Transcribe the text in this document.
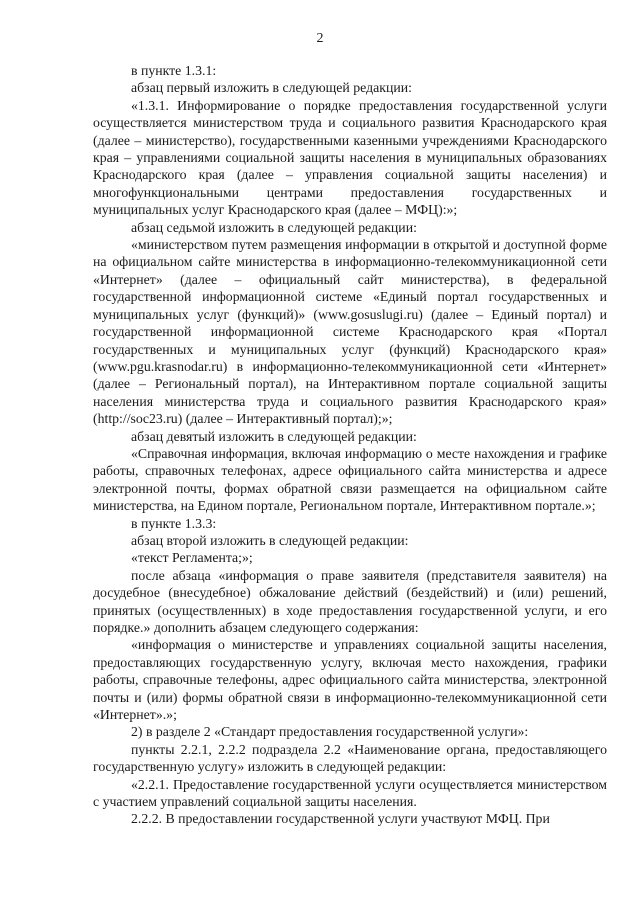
2

в пункте 1.3.1:

абзац первый изложить в следующей редакции:

«1.3.1. Информирование о порядке предоставления государственной услуги осуществляется министерством труда и социального развития Краснодарского края (далее – министерство), государственными казенными учреждениями Краснодарского края – управлениями социальной защиты населения в муниципальных образованиях Краснодарского края (далее – управления социальной защиты населения) и многофункциональными центрами предоставления государственных и муниципальных услуг Краснодарского края (далее – МФЦ):»;

абзац седьмой изложить в следующей редакции:

«министерством путем размещения информации в открытой и доступной форме на официальном сайте министерства в информационно-телекоммуникационной сети «Интернет» (далее – официальный сайт министерства), в федеральной государственной информационной системе «Единый портал государственных и муниципальных услуг (функций)» (www.gosuslugi.ru) (далее – Единый портал) и государственной информационной системе Краснодарского края «Портал государственных и муниципальных услуг (функций) Краснодарского края» (www.pgu.krasnodar.ru) в информационно-телекоммуникационной сети «Интернет» (далее – Региональный портал), на Интерактивном портале социальной защиты населения министерства труда и социального развития Краснодарского края» (http://soc23.ru) (далее – Интерактивный портал);»;

абзац девятый изложить в следующей редакции:

«Справочная информация, включая информацию о месте нахождения и графике работы, справочных телефонах, адресе официального сайта министерства и адресе электронной почты, формах обратной связи размещается на официальном сайте министерства, на Едином портале, Региональном портале, Интерактивном портале.»;

в пункте 1.3.3:

абзац второй изложить в следующей редакции:

«текст Регламента;»;

после абзаца «информация о праве заявителя (представителя заявителя) на досудебное (внесудебное) обжалование действий (бездействий) и (или) решений, принятых (осуществленных) в ходе предоставления государственной услуги, и его порядке.» дополнить абзацем следующего содержания:

«информация о министерстве и управлениях социальной защиты населения, предоставляющих государственную услугу, включая место нахождения, графики работы, справочные телефоны, адрес официального сайта министерства, электронной почты и (или) формы обратной связи в информационно-телекоммуникационной сети «Интернет».»;

2) в разделе 2 «Стандарт предоставления государственной услуги»:

пункты 2.2.1, 2.2.2 подраздела 2.2 «Наименование органа, предоставляющего государственную услугу» изложить в следующей редакции:

«2.2.1. Предоставление государственной услуги осуществляется министерством с участием управлений социальной защиты населения.

2.2.2. В предоставлении государственной услуги участвуют МФЦ. При
